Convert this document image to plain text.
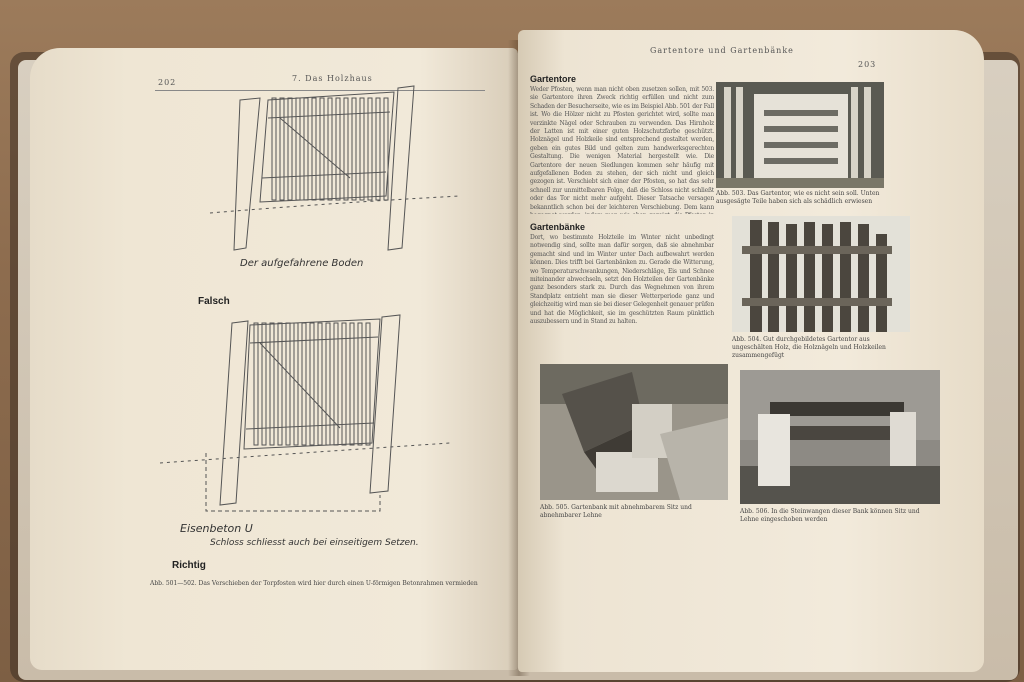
202	7. Das Holzhaus
Der aufgefahrene Boden
Falsch
Eisenbeton U
Schloss schliesst auch bei einseitigem Setzen.
Richtig
Abb. 501—502. Das Verschieben der Torpfosten wird hier durch einen U-förmigen Betonrahmen vermieden
Gartentore und Gartenbänke
203
Gartentore
Weder Pfosten, wenn man nicht oben zusetzen sollen, mit 503. sie Gartentore ihren Zweck richtig erfüllen und nicht zum Schaden der Besucherseite, wie es im Beispiel Abb. 501 der Fall ist. Wo die Hölzer nicht zu Pfosten gerichtet wird, sollte man verzinkte Nägel oder Schrauben zu verwenden. Das Hirnholz der Latten ist mit einer guten Holzschutzfarbe geschützt. Holznägel und Holzkeile sind entsprechend gestaltet werden, geben ein gutes Bild und gelten zum handwerksgerechten Gestaltung. Die wenigen Material hergestellt wie. Die Gartentore der neuen Siedlungen kommen sehr häufig mit aufgefallenen Boden zu stehen, der sich nicht und gleich gezogen ist. Verschiebt sich einer der Pfosten, so hat das sehr schnell zur unmittelbaren Folge, daß die Schloss nicht schließt oder das Tor nicht mehr aufgeht. Dieser Tatsache versagen bekanntlich schon bei der leichteren Verschiebung. Dem kann
Gartenbänke
Dort, wo bestimmte Holzteile im Winter nicht unbedingt notwendig sind, sollte man dafür sorgen, daß sie abnehmbar gemacht sind und im Winter unter Dach aufbewahrt werden können. Dies trifft bei Gartenbänken zu. Gerade die Witterung, wo Temperaturschwankungen, Niederschläge, Eis und Schnee miteinander abwechseln, setzt den Holzteilen der Gartenbänke ganz besonders stark zu. Durch das Wegnehmen von ihrem Standplatz entzieht man sie dieser Wetterperiode ganz und gleichzeitig wird man sie bei dieser Gelegenheit genauer prüfen und hat die Möglichkeit, sie im geschützten Raum pünktlich auszubessern und in Stand zu halten.
Abb. 503. Das Gartentor, wie es nicht sein soll. Unten ausgesägte Teile haben sich als schädlich erwiesen
Abb. 504. Gut durchgebildetes Gartentor aus ungeschälten Holz, die Holznägeln und Holzkeilen zusammengefügt
Abb. 505. Gartenbank mit abnehmbarem Sitz und abnehmbarer Lehne
Abb. 506. In die Steinwangen dieser Bank können Sitz und Lehne eingeschoben werden
